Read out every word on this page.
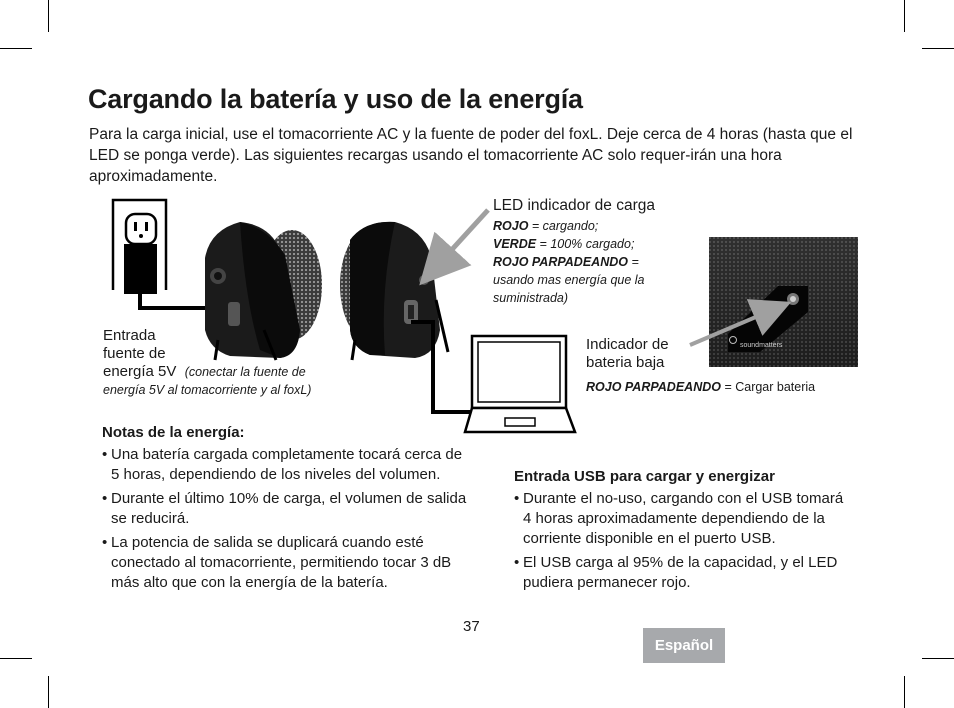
Cargando la batería y uso de la energía

Para la carga inicial, use el tomacorriente AC y la fuente de poder del foxL. Deje cerca de 4 horas (hasta que el LED se ponga verde). Las siguientes recargas usando el tomacorriente AC solo requer-irán una hora aproximadamente.

LED indicador de carga
ROJO = cargando;
VERDE = 100% cargado;
ROJO PARPADEANDO = usando mas energía que la suministrada)
Entrada
fuente de
energía 5V (conectar la fuente de
energía 5V al tomacorriente y al foxL)
Indicador de
bateria baja
ROJO PARPADEANDO = Cargar bateria
soundmatters
Notas de la energía:
• Una batería cargada completamente tocará cerca de 5 horas, dependiendo de los niveles del volumen.
• Durante el último 10% de carga, el volumen de salida se reducirá.
• La potencia de salida se duplicará cuando esté conectado al tomacorriente, permitiendo tocar 3 dB más alto que con la energía de la batería.
Entrada USB para cargar y energizar
• Durante el no-uso, cargando con el USB tomará 4 horas aproximadamente dependiendo de la corriente disponible en el puerto USB.
• El USB carga al 95% de la capacidad, y el LED pudiera permanecer rojo.
37
Español
